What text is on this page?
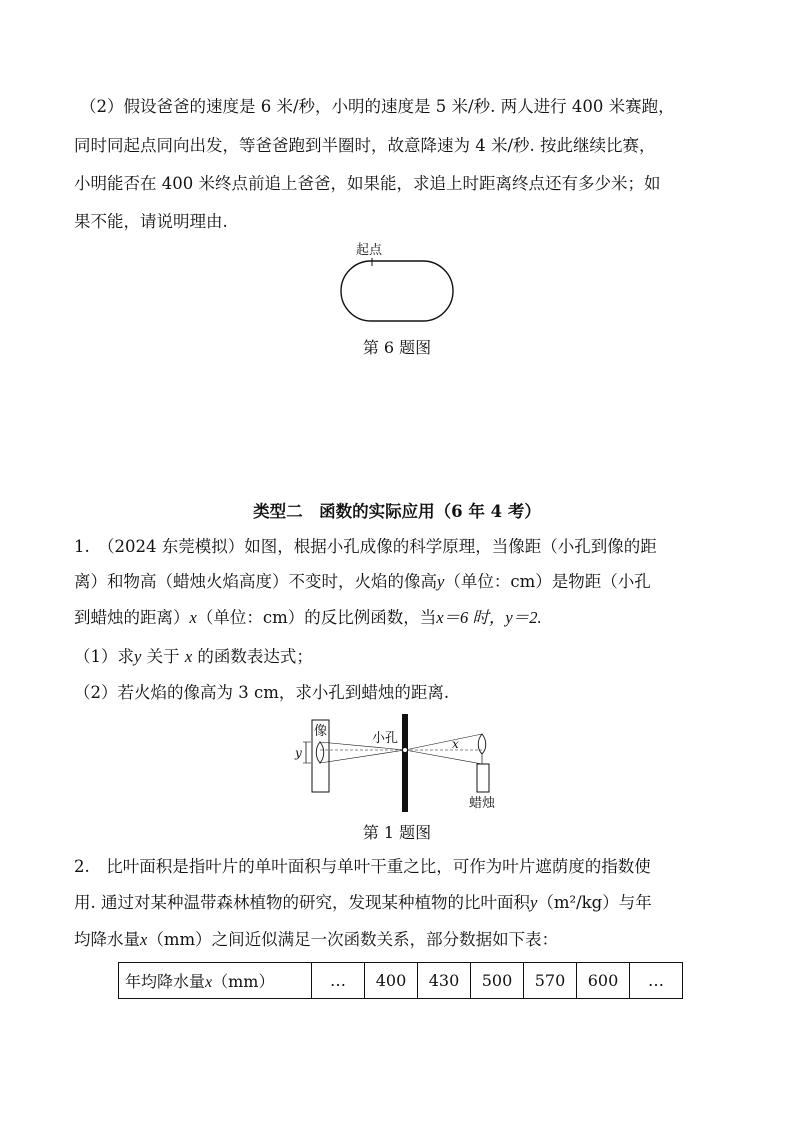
（2）假设爸爸的速度是 6 米/秒，小明的速度是 5 米/秒. 两人进行 400 米赛跑，
同时同起点同向出发，等爸爸跑到半圈时，故意降速为 4 米/秒. 按此继续比赛，
小明能否在 400 米终点前追上爸爸，如果能，求追上时距离终点还有多少米；如
果不能，请说明理由.
起点
第 6 题图
类型二　函数的实际应用（6 年 4 考）
1.　（2024 东莞模拟）如图，根据小孔成像的科学原理，当像距（小孔到像的距
离）和物高（蜡烛火焰高度）不变时，火焰的像高y（单位：cm）是物距（小孔
到蜡烛的距离）x（单位：cm）的反比例函数，当x＝6 时，y＝2.
（1）求y 关于 x 的函数表达式；
（2）若火焰的像高为 3 cm，求小孔到蜡烛的距离.
像
y
小孔	x
蜡烛
第 1 题图
2.　比叶面积是指叶片的单叶面积与单叶干重之比，可作为叶片遮荫度的指数使
用. 通过对某种温带森林植物的研究，发现某种植物的比叶面积y（m²/kg）与年
均降水量x（mm）之间近似满足一次函数关系，部分数据如下表：
年均降水量x（mm）	…	400	430	500	570	600	…
